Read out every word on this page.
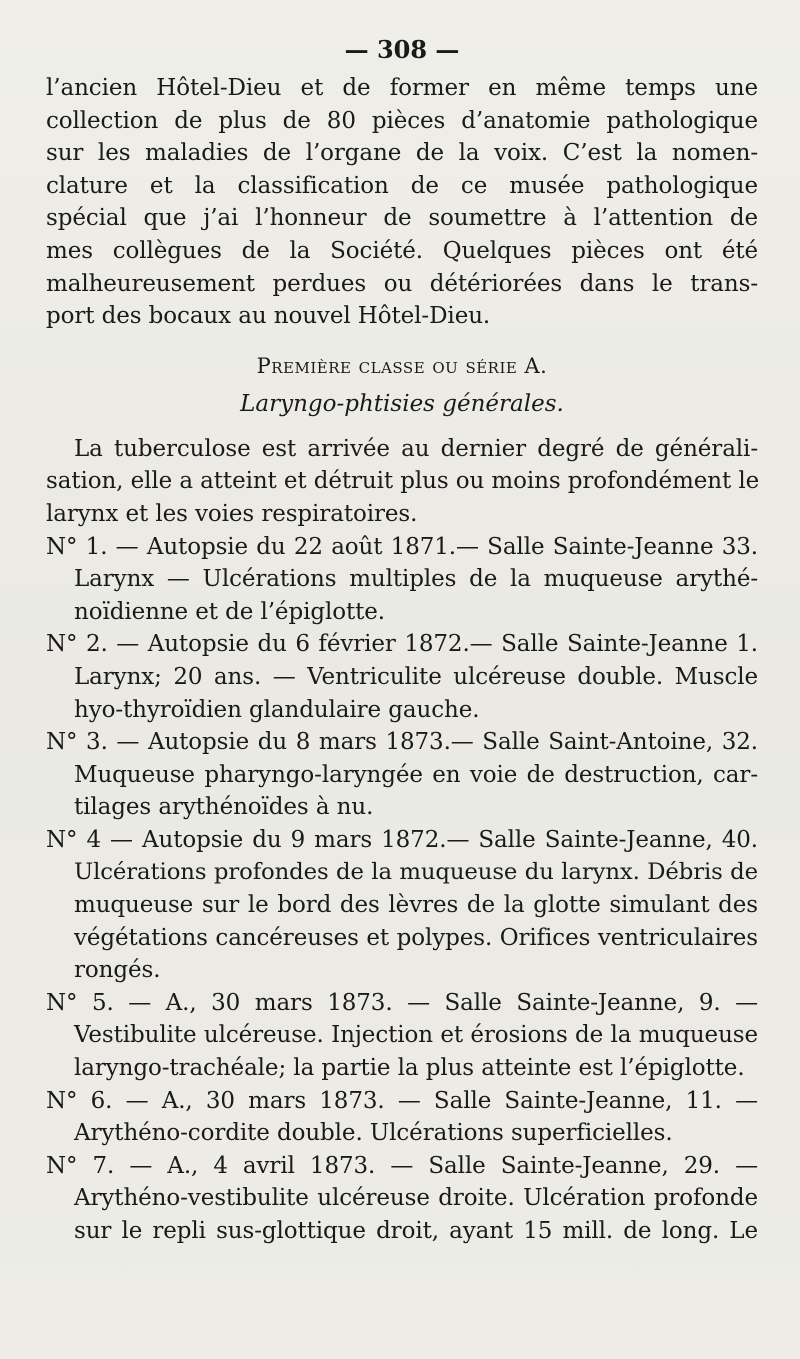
— 308 —
l’ancien Hôtel-Dieu et de former en même temps une
collection de plus de 80 pièces d’anatomie pathologique
sur les maladies de l’organe de la voix. C’est la nomen-
clature et la classification de ce musée pathologique
spécial que j’ai l’honneur de soumettre à l’attention de
mes collègues de la Société. Quelques pièces ont été
malheureusement perdues ou détériorées dans le trans-
port des bocaux au nouvel Hôtel-Dieu.
Première classe ou série A.
Laryngo-phtisies générales.
La tuberculose est arrivée au dernier degré de générali-
sation, elle a atteint et détruit plus ou moins profondément le
larynx et les voies respiratoires.
N° 1. — Autopsie du 22 août 1871.— Salle Sainte-Jeanne 33.
Larynx — Ulcérations multiples de la muqueuse arythé-
noïdienne et de l’épiglotte.
N° 2. — Autopsie du 6 février 1872.— Salle Sainte-Jeanne 1.
Larynx; 20 ans. — Ventriculite ulcéreuse double. Muscle
hyo-thyroïdien glandulaire gauche.
N° 3. — Autopsie du 8 mars 1873.— Salle Saint-Antoine, 32.
Muqueuse pharyngo-laryngée en voie de destruction, car-
tilages arythénoïdes à nu.
N° 4 — Autopsie du 9 mars 1872.— Salle Sainte-Jeanne, 40.
Ulcérations profondes de la muqueuse du larynx. Débris de
muqueuse sur le bord des lèvres de la glotte simulant des
végétations cancéreuses et polypes. Orifices ventriculaires
rongés.
N° 5. — A., 30 mars 1873. — Salle Sainte-Jeanne, 9. —
Vestibulite ulcéreuse. Injection et érosions de la muqueuse
laryngo-trachéale; la partie la plus atteinte est l’épiglotte.
N° 6. — A., 30 mars 1873. — Salle Sainte-Jeanne, 11. —
Arythéno-cordite double. Ulcérations superficielles.
N° 7. — A., 4 avril 1873. — Salle Sainte-Jeanne, 29. —
Arythéno-vestibulite ulcéreuse droite. Ulcération profonde
sur le repli sus-glottique droit, ayant 15 mill. de long. Le
